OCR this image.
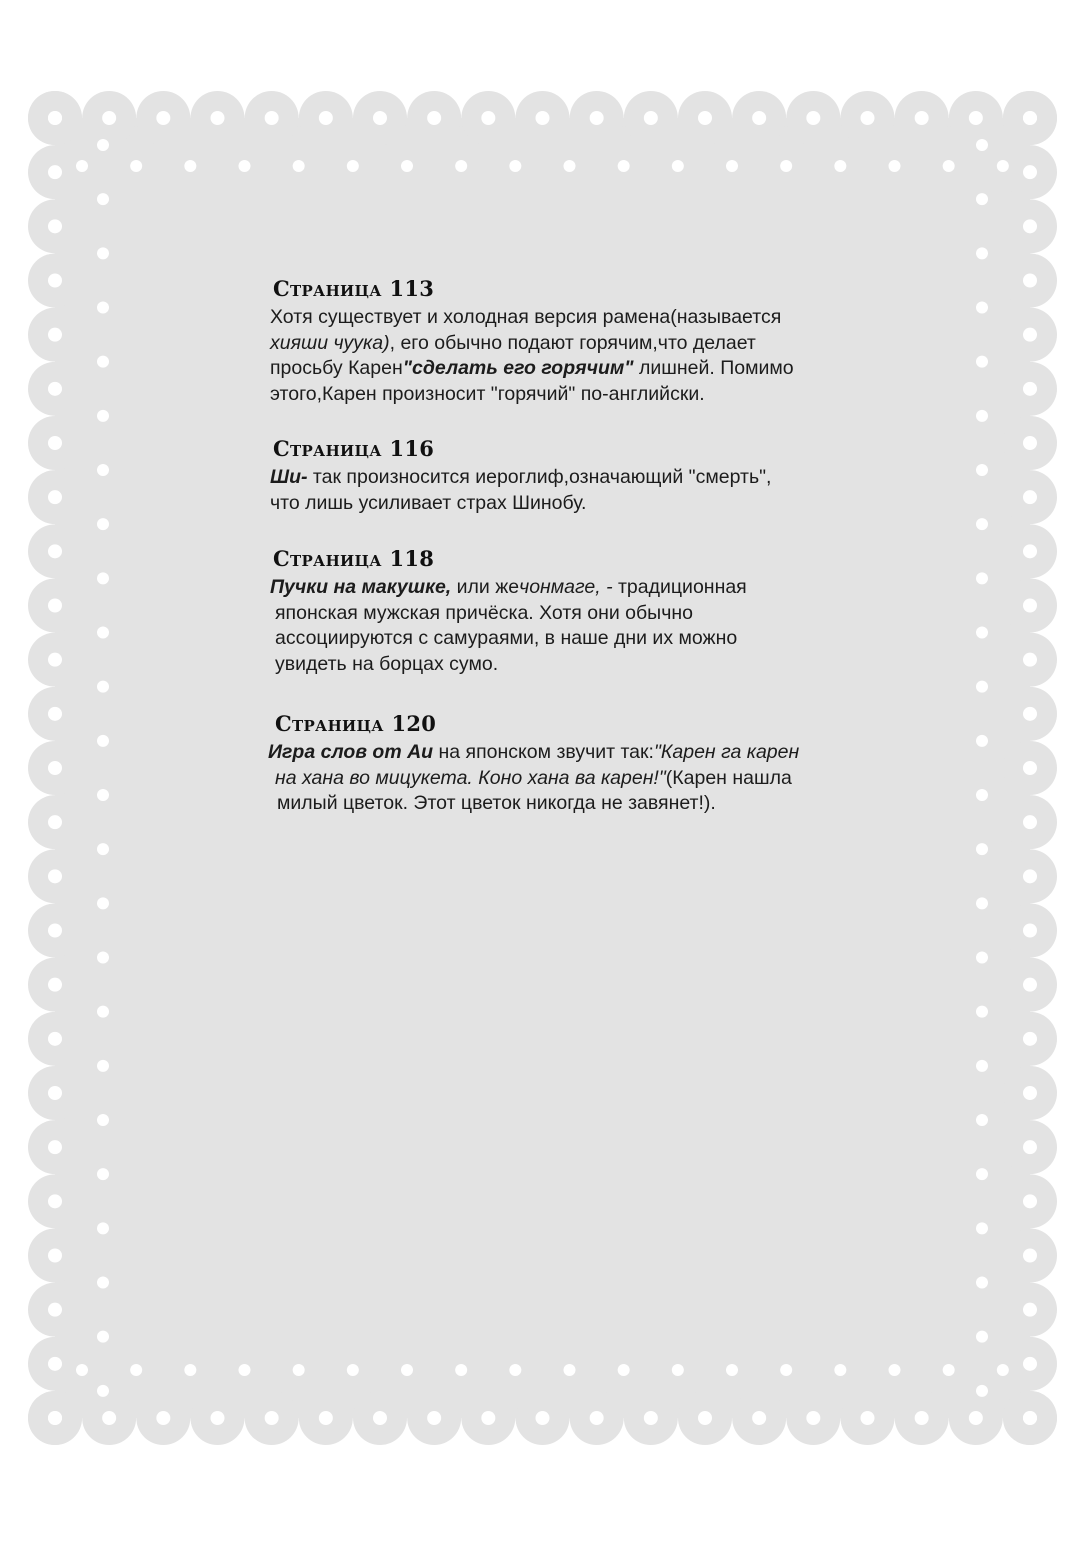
Страница 113
Хотя существует и холодная версия рамена(называется
хияши чуука), его обычно подают горячим,что делает
просьбу Карен"сделать его горячим" лишней. Помимо
этого,Карен произносит "горячий" по-английски.
Страница 116
Ши- так произносится иероглиф,означающий "смерть",
что лишь усиливает страх Шинобу.
Страница 118
Пучки на макушке, или жечонмаге, - традиционная
японская мужская причёска. Хотя они обычно
ассоциируются с самураями, в наше дни их можно
увидеть на борцах сумо.
Страница 120
Игра слов от Аи на японском звучит так:"Карен га карен
на хана во мицукета. Коно хана ва карен!"(Карен нашла
милый цветок. Этот цветок никогда не завянет!).
